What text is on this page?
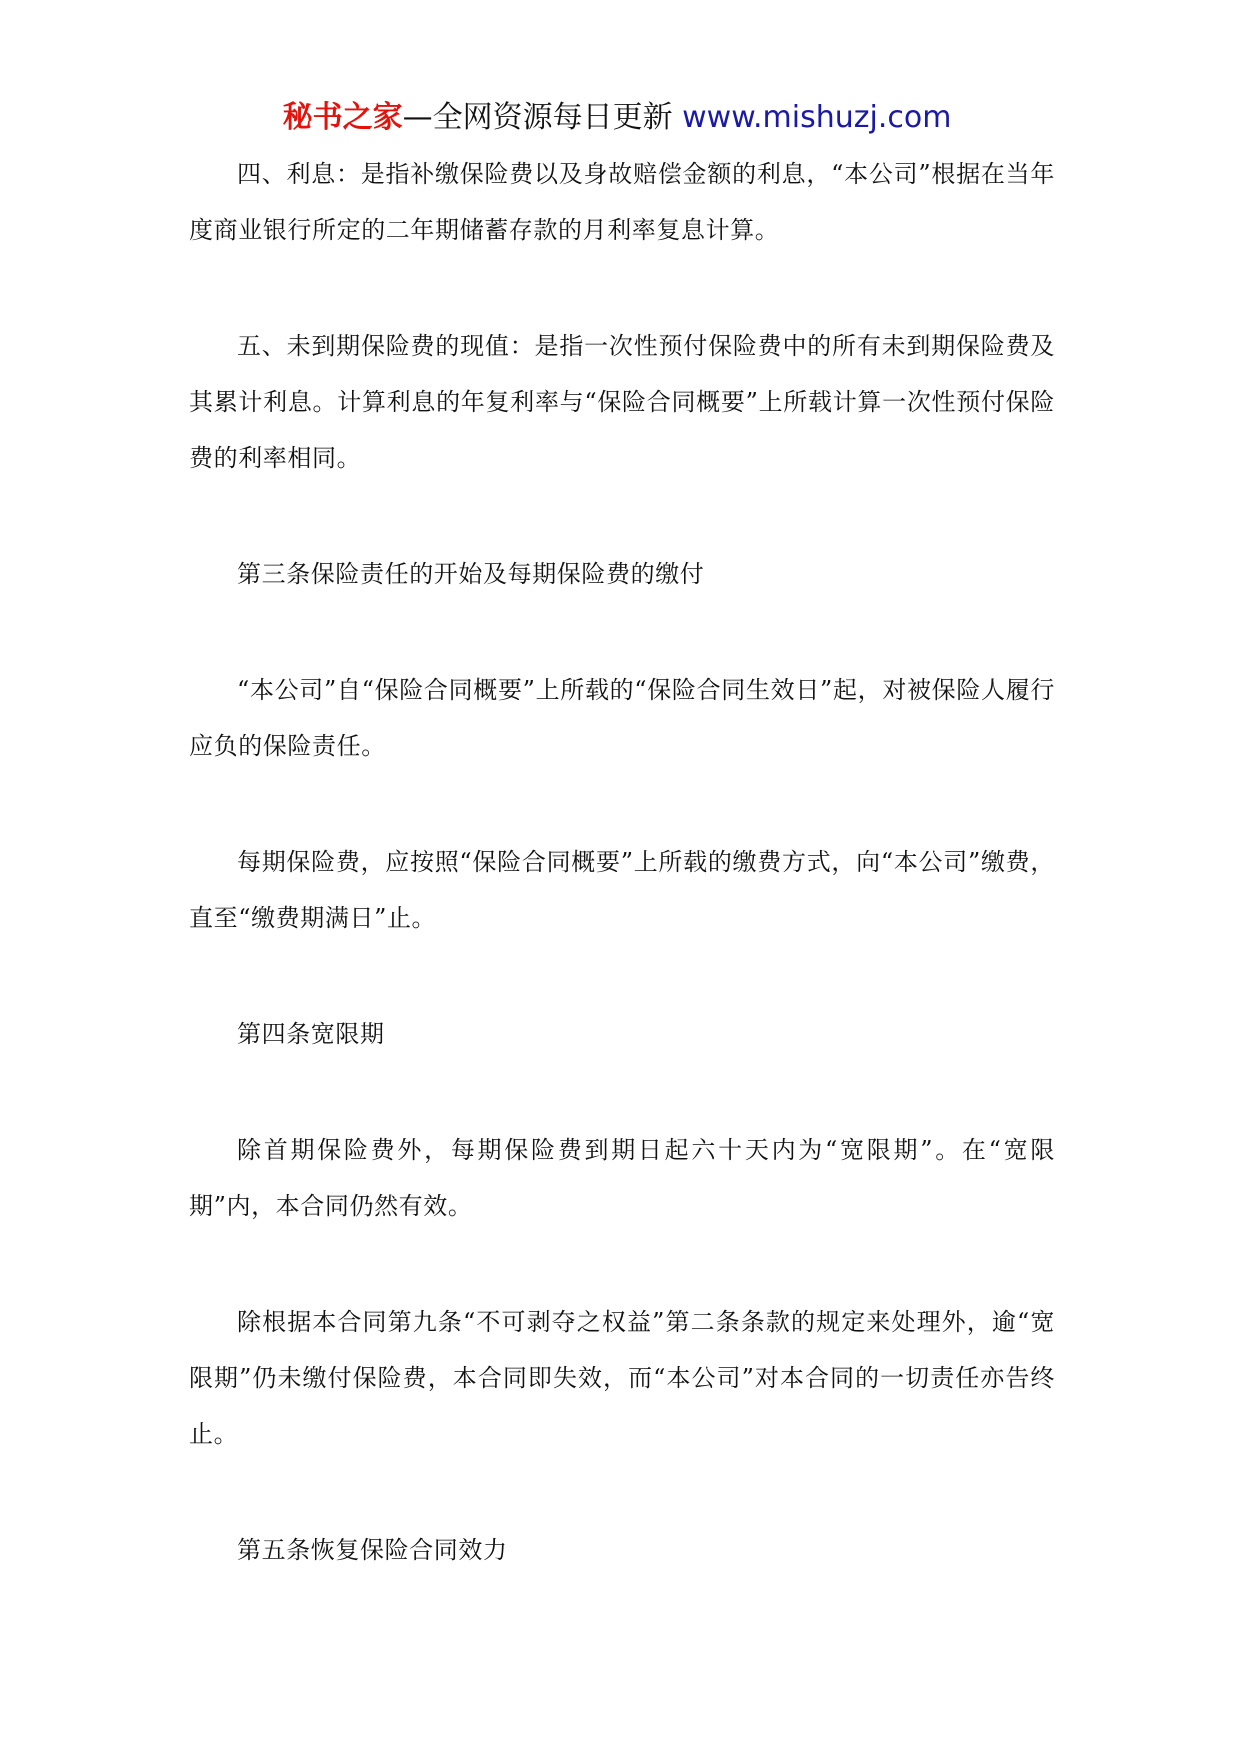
秘书之家—全网资源每日更新 www.mishuzj.com

四、利息：是指补缴保险费以及身故赔偿金额的利息，“本公司”根据在当年度商业银行所定的二年期储蓄存款的月利率复息计算。

五、未到期保险费的现值：是指一次性预付保险费中的所有未到期保险费及其累计利息。计算利息的年复利率与“保险合同概要”上所载计算一次性预付保险费的利率相同。

第三条保险责任的开始及每期保险费的缴付

“本公司”自“保险合同概要”上所载的“保险合同生效日”起，对被保险人履行应负的保险责任。

每期保险费，应按照“保险合同概要”上所载的缴费方式，向“本公司”缴费，直至“缴费期满日”止。

第四条宽限期

除首期保险费外，每期保险费到期日起六十天内为“宽限期”。在“宽限期”内，本合同仍然有效。

除根据本合同第九条“不可剥夺之权益”第二条条款的规定来处理外，逾“宽限期”仍未缴付保险费，本合同即失效，而“本公司”对本合同的一切责任亦告终止。

第五条恢复保险合同效力
